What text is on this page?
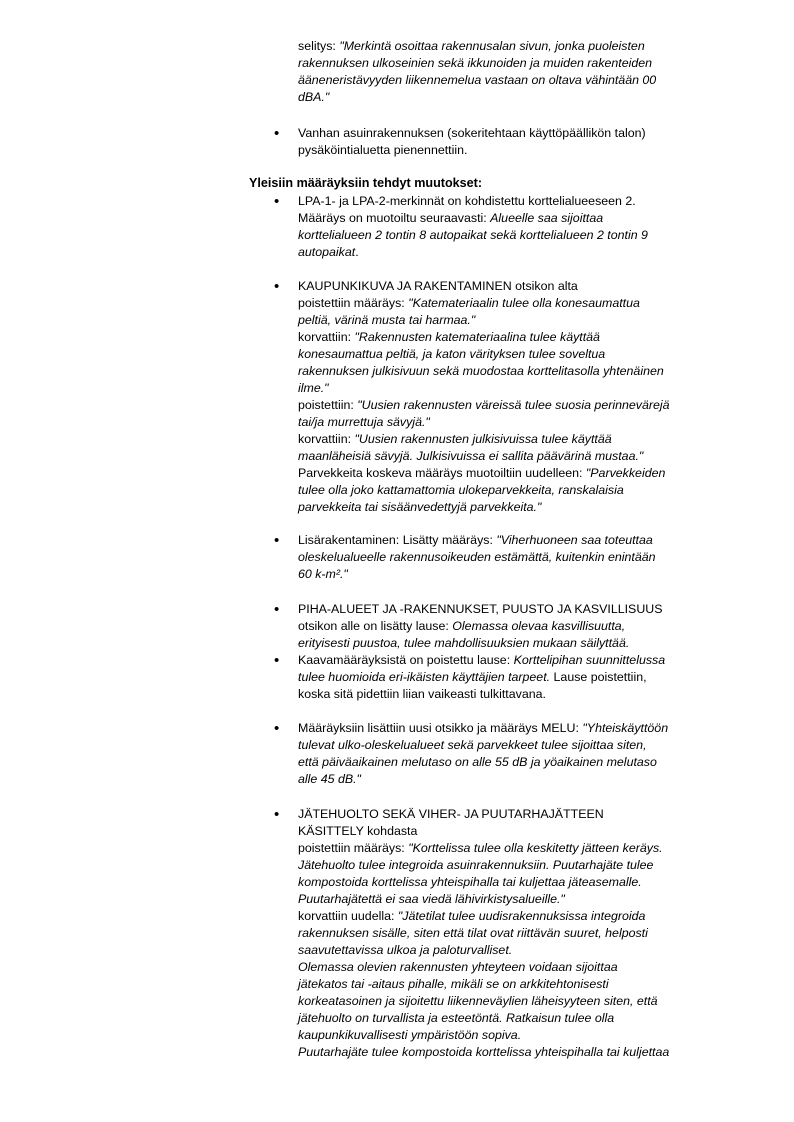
selitys: "Merkintä osoittaa rakennusalan sivun, jonka puoleisten
rakennuksen ulkoseinien sekä ikkunoiden ja muiden rakenteiden
ääneneristävyyden liikennemelua vastaan on oltava vähintään 00
dBA."
•
Vanhan asuinrakennuksen (sokeritehtaan käyttöpäällikön talon)
pysäköintialuetta pienennettiin.
Yleisiin määräyksiin tehdyt muutokset:
•
LPA-1- ja LPA-2-merkinnät on kohdistettu korttelialueeseen 2.
Määräys on muotoiltu seuraavasti: Alueelle saa sijoittaa
korttelialueen 2 tontin 8 autopaikat sekä korttelialueen 2 tontin 9
autopaikat.
•
KAUPUNKIKUVA JA RAKENTAMINEN otsikon alta
poistettiin määräys: "Katemateriaalin tulee olla konesaumattua
peltiä, värinä musta tai harmaa."
korvattiin: "Rakennusten katemateriaalina tulee käyttää
konesaumattua peltiä, ja katon värityksen tulee soveltua
rakennuksen julkisivuun sekä muodostaa korttelitasolla yhtenäinen
ilme."
poistettiin: "Uusien rakennusten väreissä tulee suosia perinnevärejä
tai/ja murrettuja sävyjä."
korvattiin: "Uusien rakennusten julkisivuissa tulee käyttää
maanläheisiä sävyjä. Julkisivuissa ei sallita päävärinä mustaa."
Parvekkeita koskeva määräys muotoiltiin uudelleen: "Parvekkeiden
tulee olla joko kattamattomia ulokeparvekkeita, ranskalaisia
parvekkeita tai sisäänvedettyjä parvekkeita."
•
Lisärakentaminen: Lisätty määräys: "Viherhuoneen saa toteuttaa
oleskelualueelle rakennusoikeuden estämättä, kuitenkin enintään
60 k-m²."
•
PIHA-ALUEET JA -RAKENNUKSET, PUUSTO JA KASVILLISUUS
otsikon alle on lisätty lause: Olemassa olevaa kasvillisuutta,
erityisesti puustoa, tulee mahdollisuuksien mukaan säilyttää.
•
Kaavamääräyksistä on poistettu lause: Korttelipihan suunnittelussa
tulee huomioida eri-ikäisten käyttäjien tarpeet. Lause poistettiin,
koska sitä pidettiin liian vaikeasti tulkittavana.
•
Määräyksiin lisättiin uusi otsikko ja määräys MELU: "Yhteiskäyttöön
tulevat ulko-oleskelualueet sekä parvekkeet tulee sijoittaa siten,
että päiväaikainen melutaso on alle 55 dB ja yöaikainen melutaso
alle 45 dB."
•
JÄTEHUOLTO SEKÄ VIHER- JA PUUTARHAJÄTTEEN
KÄSITTELY kohdasta
poistettiin määräys: "Korttelissa tulee olla keskitetty jätteen keräys.
Jätehuolto tulee integroida asuinrakennuksiin. Puutarhajäte tulee
kompostoida korttelissa yhteispihalla tai kuljettaa jäteasemalle.
Puutarhajätettä ei saa viedä lähivirkistysalueille."
korvattiin uudella: "Jätetilat tulee uudisrakennuksissa integroida
rakennuksen sisälle, siten että tilat ovat riittävän suuret, helposti
saavutettavissa ulkoa ja paloturvalliset.
Olemassa olevien rakennusten yhteyteen voidaan sijoittaa
jätekatos tai -aitaus pihalle, mikäli se on arkkitehtonisesti
korkeatasoinen ja sijoitettu liikenneväylien läheisyyteen siten, että
jätehuolto on turvallista ja esteetöntä. Ratkaisun tulee olla
kaupunkikuvallisesti ympäristöön sopiva.
Puutarhajäte tulee kompostoida korttelissa yhteispihalla tai kuljettaa
